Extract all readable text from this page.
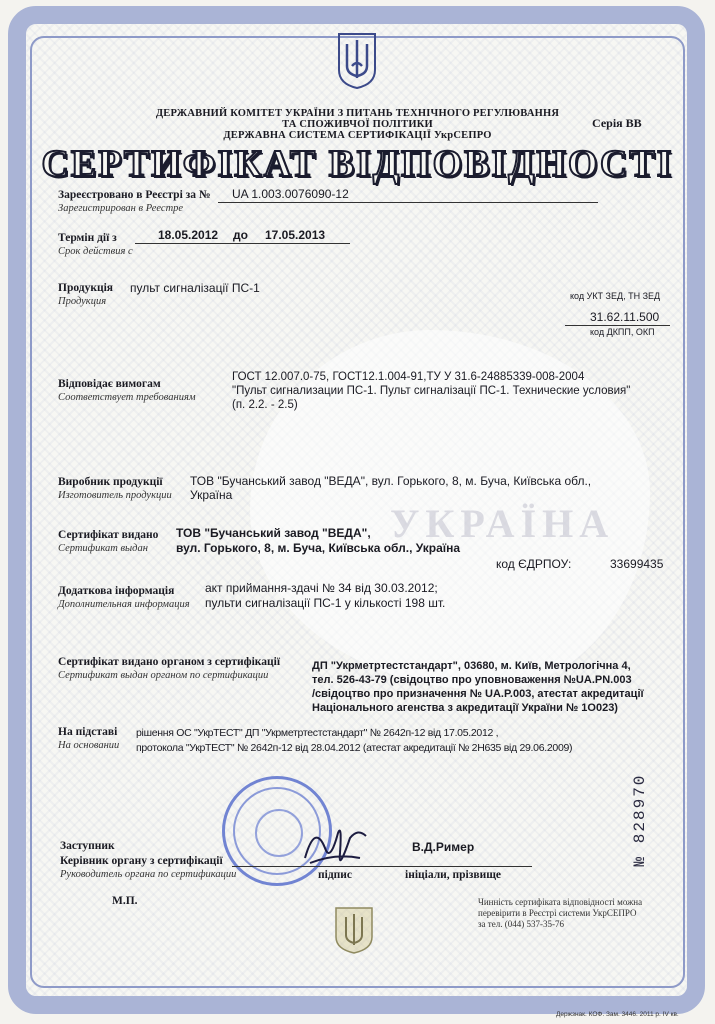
УКРАЇНА
ДЕРЖАВНИЙ КОМІТЕТ УКРАЇНИ З ПИТАНЬ ТЕХНІЧНОГО РЕГУЛЮВАННЯ
ТА СПОЖИВЧОЇ ПОЛІТИКИ
ДЕРЖАВНА СИСТЕМА СЕРТИФІКАЦІЇ УкрСЕПРО
Серія ВВ
СЕРТИФІКАТ ВІДПОВІДНОСТІ
Зареєстровано в Реєстрі за №
Зарегистрирован в Реестре
UA 1.003.0076090-12
Термін дії з
Срок действия с
18.05.2012 до 17.05.2013
Продукція
Продукция
пульт сигналізації ПС-1
код УКТ ЗЕД, ТН ЗЕД
31.62.11.500
код ДКПП, ОКП
Відповідає вимогам
Соответствует требованиям
ГОСТ 12.007.0-75, ГОСТ12.1.004-91,ТУ У 31.6-24885339-008-2004
"Пульт сигнализации ПС-1. Пульт сигналізації ПС-1. Технические условия"
(п. 2.2. - 2.5)
Виробник продукції
Изготовитель продукции
ТОВ "Бучанський завод "ВЕДА", вул. Горького, 8, м. Буча, Київська обл.,
Україна
Сертифікат видано
Сертификат выдан
ТОВ "Бучанський завод "ВЕДА",
вул. Горького, 8, м. Буча, Київська обл., Україна
код ЄДРПОУ:	33699435
Додаткова інформація
Дополнительная информация
акт приймання-здачі № 34 від 30.03.2012;
пульти сигналізації ПС-1 у кількості 198 шт.
Сертифікат видано органом з сертифікації
Сертификат выдан органом по сертификации
ДП "Укрметртестстандарт", 03680, м. Київ, Метрологічна 4,
тел. 526-43-79 (свідоцтво про уповноваження №UA.PN.003
/свідоцтво про призначення № UA.P.003, атестат акредитації
Національного агенства з акредитації України № 1О023)
На підставі
На основании
рішення ОС "УкрТЕСТ" ДП "Укрметртестстандарт" № 2642п-12 від 17.05.2012 ,
протокола "УкрТЕСТ" № 2642п-12 від 28.04.2012 (атестат акредитації № 2Н635 від 29.06.2009)
№ 828970
Заступник
Керівник органу з сертифікації
Руководитель органа по сертификации
В.Д.Ример
підпис	ініціали, прізвище
М.П.	Чинність сертифіката відповідності можна
перевірити в Реєстрі системи УкрСЕПРО
за тел. (044) 537-35-76
Держзнак. КОФ. Зам. 3446. 2011 р. IV кв.
